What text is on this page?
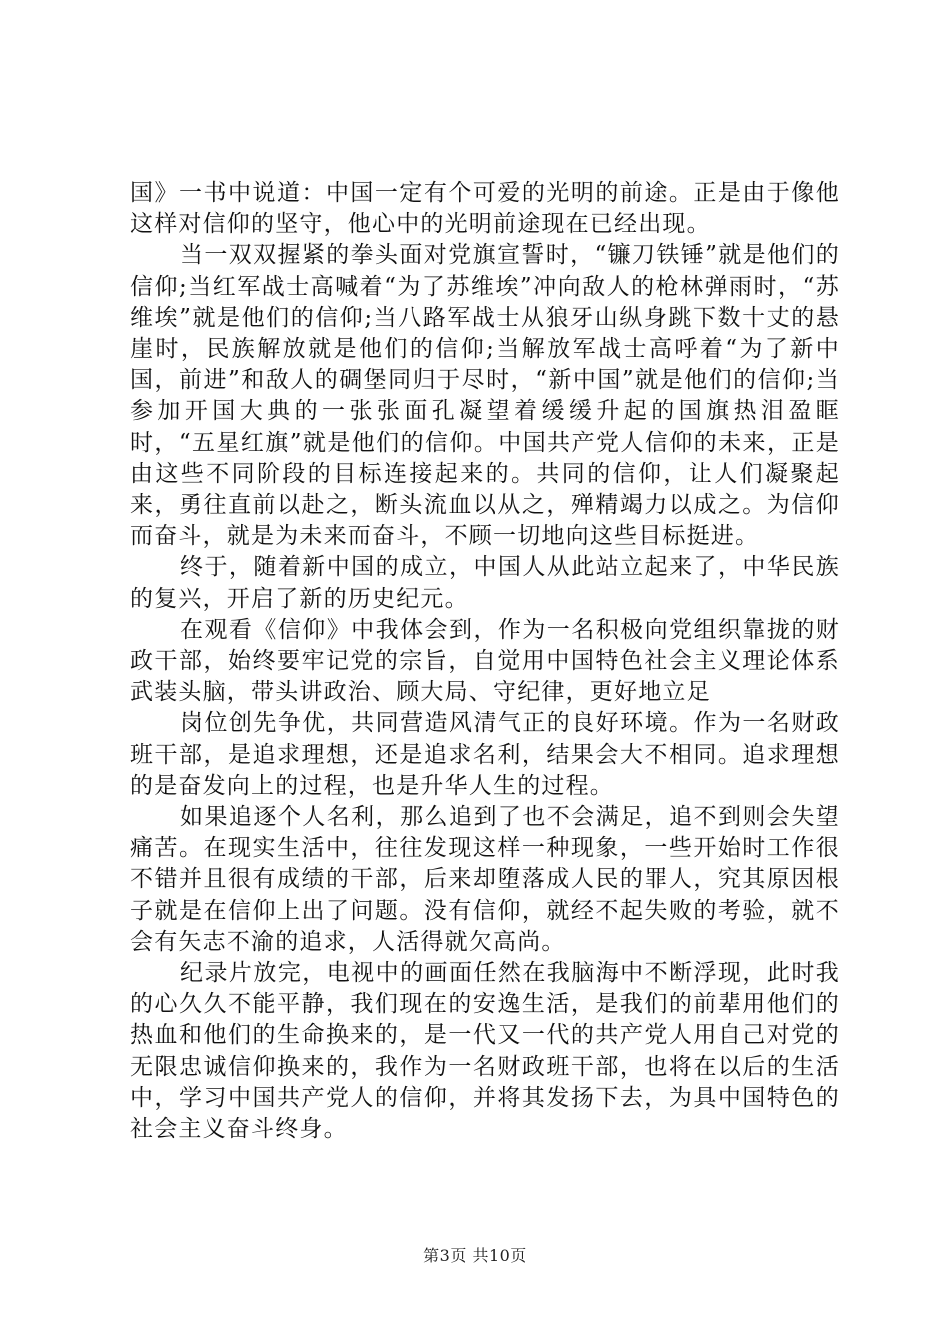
国》一书中说道：中国一定有个可爱的光明的前途。正是由于像他这样对信仰的坚守，他心中的光明前途现在已经出现。

当一双双握紧的拳头面对党旗宣誓时，“镰刀铁锤”就是他们的信仰;当红军战士高喊着“为了苏维埃”冲向敌人的枪林弹雨时，“苏维埃”就是他们的信仰;当八路军战士从狼牙山纵身跳下数十丈的悬崖时，民族解放就是他们的信仰;当解放军战士高呼着“为了新中国，前进”和敌人的碉堡同归于尽时，“新中国”就是他们的信仰;当参加开国大典的一张张面孔凝望着缓缓升起的国旗热泪盈眶时，“五星红旗”就是他们的信仰。中国共产党人信仰的未来，正是由这些不同阶段的目标连接起来的。共同的信仰，让人们凝聚起来，勇往直前以赴之，断头流血以从之，殚精竭力以成之。为信仰而奋斗，就是为未来而奋斗，不顾一切地向这些目标挺进。

终于，随着新中国的成立，中国人从此站立起来了，中华民族的复兴，开启了新的历史纪元。

在观看《信仰》中我体会到，作为一名积极向党组织靠拢的财政干部，始终要牢记党的宗旨，自觉用中国特色社会主义理论体系武装头脑，带头讲政治、顾大局、守纪律，更好地立足

岗位创先争优，共同营造风清气正的良好环境。作为一名财政班干部，是追求理想，还是追求名利，结果会大不相同。追求理想的是奋发向上的过程，也是升华人生的过程。

如果追逐个人名利，那么追到了也不会满足，追不到则会失望痛苦。在现实生活中，往往发现这样一种现象，一些开始时工作很不错并且很有成绩的干部，后来却堕落成人民的罪人，究其原因根子就是在信仰上出了问题。没有信仰，就经不起失败的考验，就不会有矢志不渝的追求，人活得就欠高尚。

纪录片放完，电视中的画面任然在我脑海中不断浮现，此时我的心久久不能平静，我们现在的安逸生活，是我们的前辈用他们的热血和他们的生命换来的，是一代又一代的共产党人用自己对党的无限忠诚信仰换来的，我作为一名财政班干部，也将在以后的生活中，学习中国共产党人的信仰，并将其发扬下去，为具中国特色的社会主义奋斗终身。

第3页 共10页
